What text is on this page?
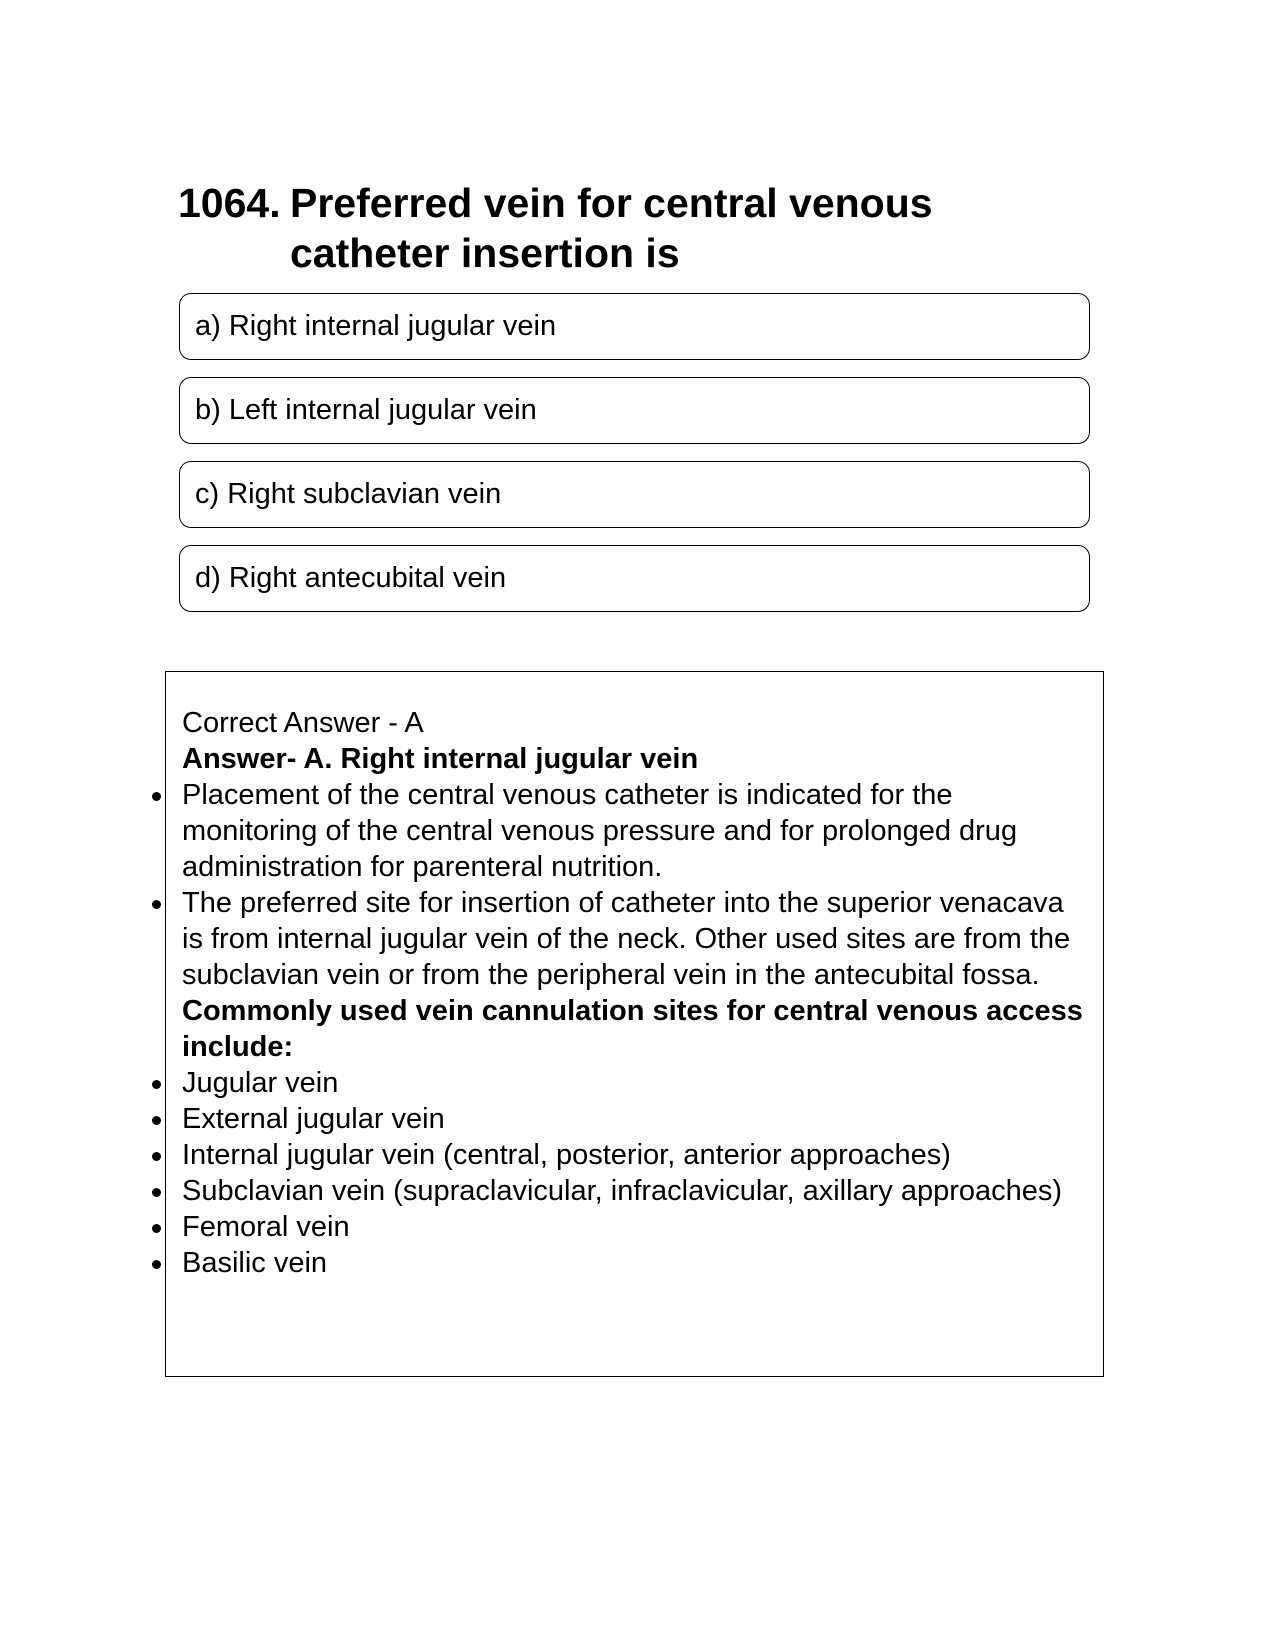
1064. Preferred vein for central venous catheter insertion is
a) Right internal jugular vein
b) Left internal jugular vein
c) Right subclavian vein
d) Right antecubital vein

Correct Answer - A

Answer- A. Right internal jugular vein

Placement of the central venous catheter is indicated for the monitoring of the central venous pressure and for prolonged drug administration for parenteral nutrition.
The preferred site for insertion of catheter into the superior venacava is from internal jugular vein of the neck. Other used sites are from the subclavian vein or from the peripheral vein in the antecubital fossa.

Commonly used vein cannulation sites for central venous access include:

Jugular vein
External jugular vein
Internal jugular vein (central, posterior, anterior approaches)
Subclavian vein (supraclavicular, infraclavicular, axillary approaches)
Femoral vein
Basilic vein
